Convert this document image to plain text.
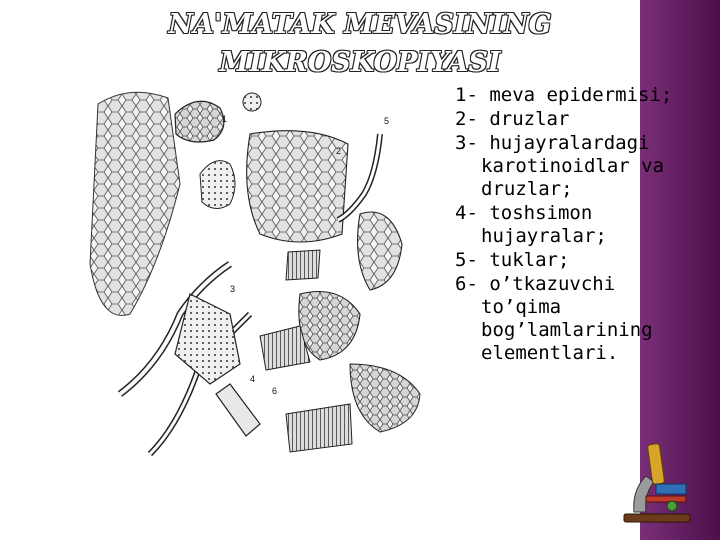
NA'MATAK MEVASINING
MIKROSKOPIYASI
1
2
3
4
5
6
1- meva epidermisi;
2- druzlar
3- hujayralardagi karotinoidlar va druzlar;
4- toshsimon hujayralar;
5- tuklar;
6- o’tkazuvchi to’qima bog’lamlarining elementlari.
